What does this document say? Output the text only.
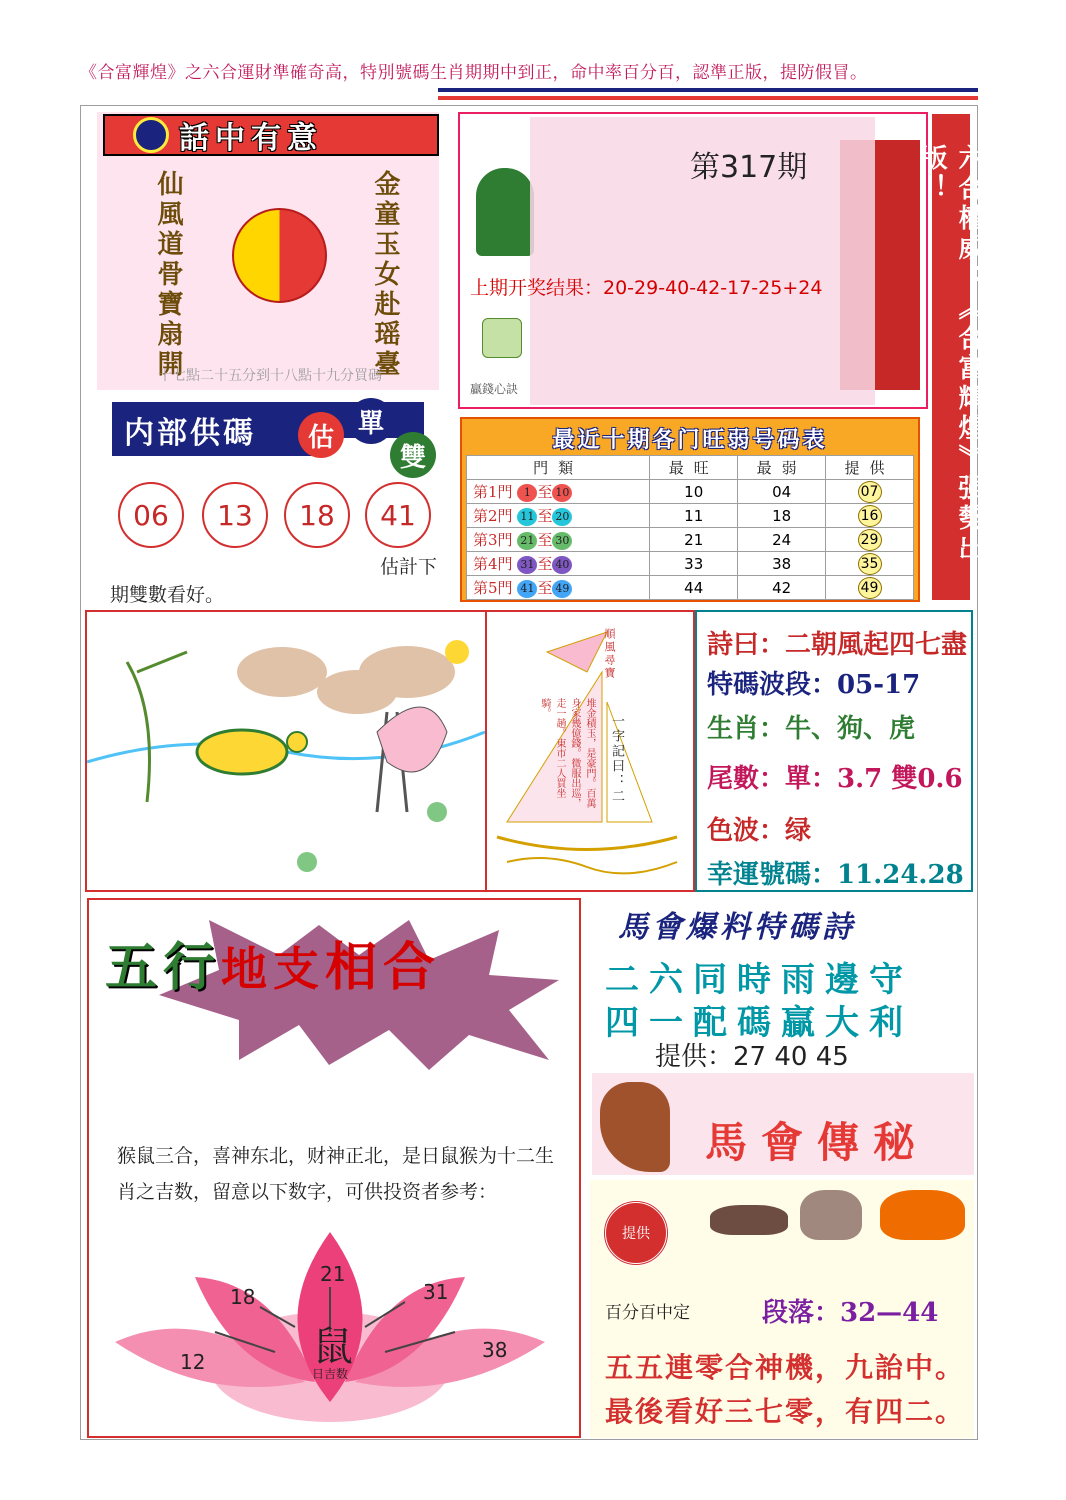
《合富輝煌》之六合運財準確奇高，特別號碼生肖期期中到正，命中率百分百，認準正版，提防假冒。
話中有意
仙風道骨寶扇開	金童玉女赴瑶臺
十七點二十五分到十八點十九分買碼
第317期
上期开奖结果：20-29-40-42-17-25+24
贏錢心訣	六合權威：《合富輝煌》强勢出版！
内部供碼	估 單
雙
06	13	18	41
估計下
期雙數看好。
最近十期各门旺弱号码表
門類	最旺	最弱	提供
第1門 1 至 10	10	04	07
第2門 11 至 20	11	18	16
第3門 21 至 30	21	24	29
第4門 31 至 40	33	38	35
第5門 41 至 49	44	42	49
順風尋寶
一字記曰：二
堆金積玉，是豪門。百萬身家幾億錢。微服出巡，走一趟。東市二人買坐騎。
詩曰：二朝風起四七盡
特碼波段：05-17
生肖：牛、狗、虎
尾數：單：3.7 雙0.6
色波：绿
幸運號碼：11.24.28
五行地支相合
猴鼠三合，喜神东北，财神正北，是日鼠猴为十二生肖之吉数，留意以下数字，可供投资者参考：
鼠
日吉数
12
18
21
31
38
馬會爆料特碼詩
二六同時雨邊守
四一配碼贏大利
提供：27 40 45
馬會傳秘
提供
百分百中定	段落：32—44
五五連零合神機，九詒中。
最後看好三七零，有四二。
